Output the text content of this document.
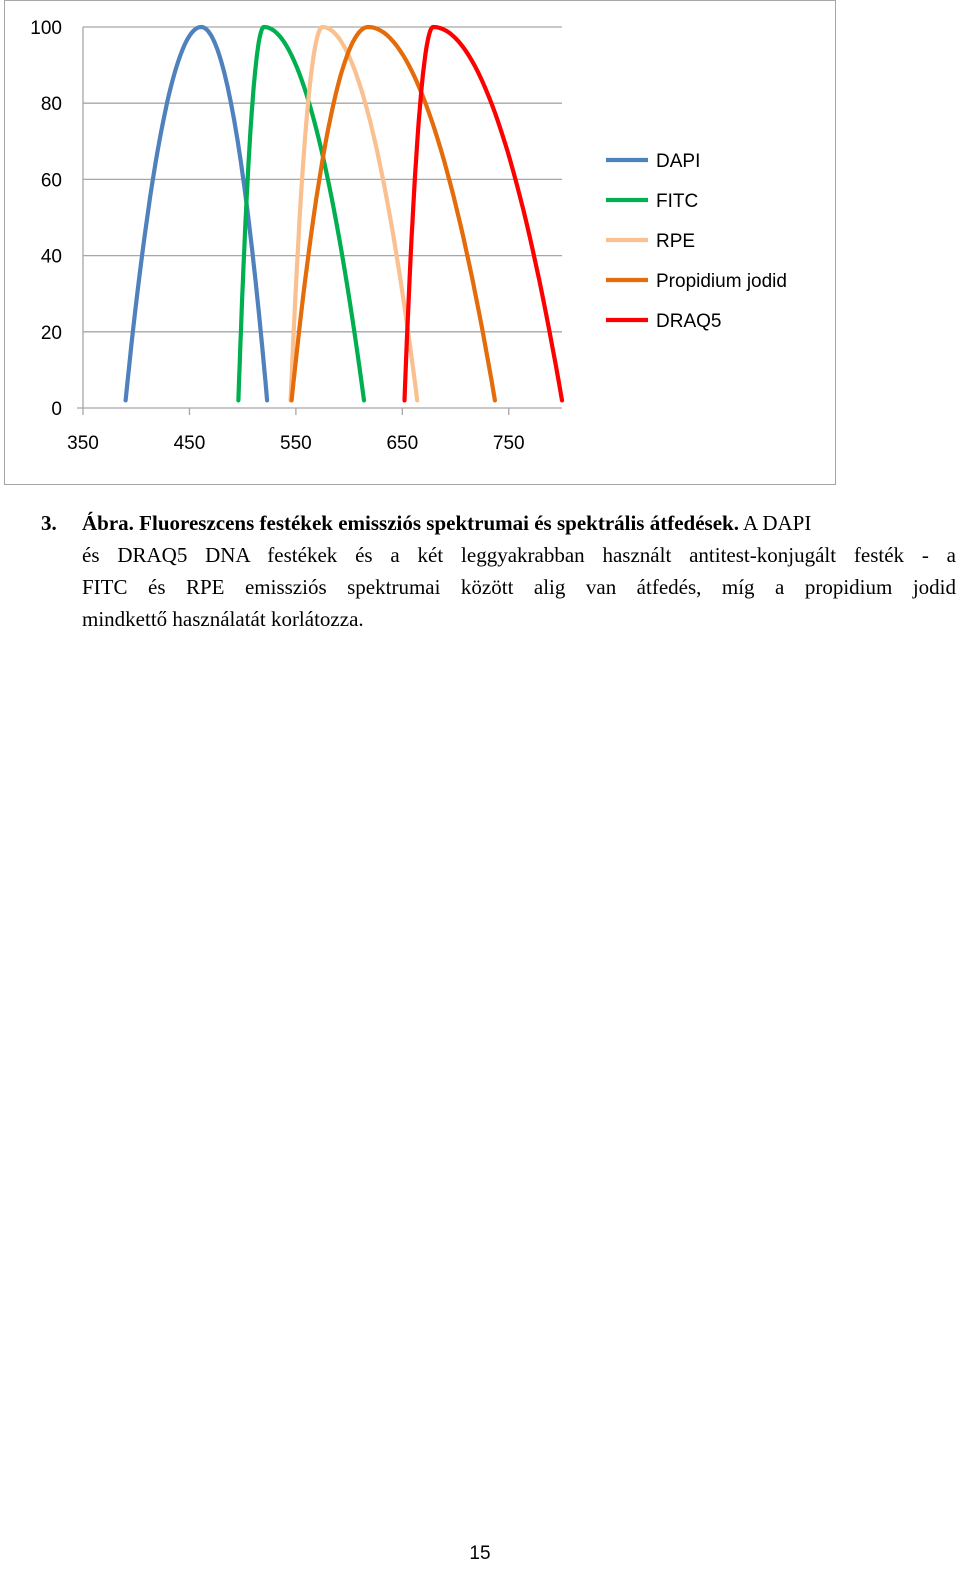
0
20
40
60
80
100
350	450	550	650	750
DAPI
FITC
RPE
Propidium jodid
DRAQ5
3. Ábra. Fluoreszcens festékek emissziós spektrumai és spektrális átfedések. A DAPI
és DRAQ5 DNA festékek és a két leggyakrabban használt antitest-konjugált festék - a
FITC és RPE emissziós spektrumai között alig van átfedés, míg a propidium jodid
mindkettő használatát korlátozza.
15
